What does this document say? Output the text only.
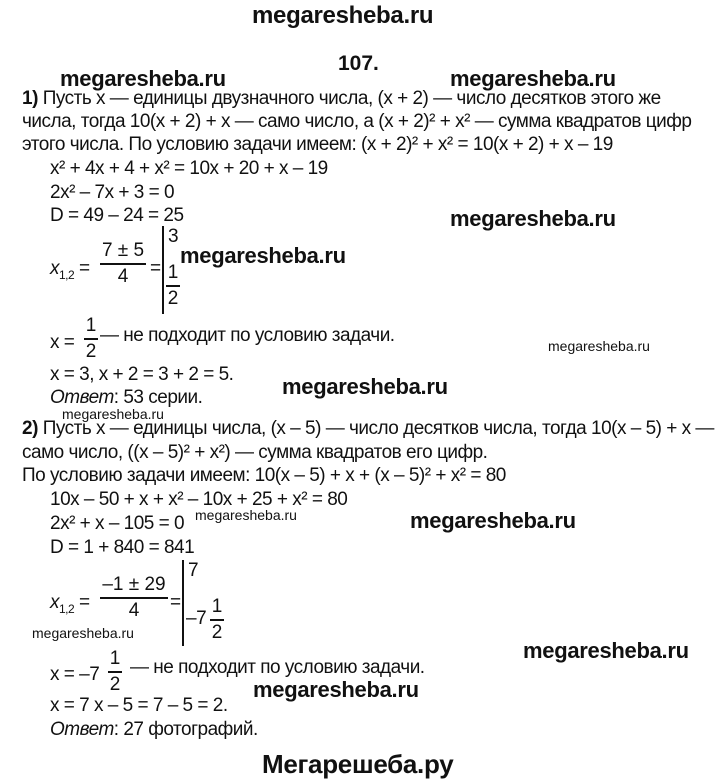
megaresheba.ru
107.
megaresheba.ru	megaresheba.ru
megaresheba.ru
megaresheba.ru
megaresheba.ru
megaresheba.ru
megaresheba.ru
megaresheba.ru	megaresheba.ru
megaresheba.ru
megaresheba.ru
megaresheba.ru
1) Пусть x — единицы двузначного числа, (x + 2) — число десятков этого же
числа, тогда 10(x + 2) + x — само число, а (x + 2)² + x² — сумма квадратов цифр
этого числа. По условию задачи имеем: (x + 2)² + x² = 10(x + 2) + x – 19
x² + 4x + 4 + x² = 10x + 20 + x – 19
2x² – 7x + 3 = 0
D = 49 – 24 = 25
$x_{1,2}$ =
7 ± 5
4	=
3
1
2
x =
1
2
— не подходит по условию задачи.
x = 3, x + 2 = 3 + 2 = 5.
Ответ: 53 серии.
2) Пусть x — единицы числа, (x – 5) — число десятков числа, тогда 10(x – 5) + x —
само число, ((x – 5)² + x²) — сумма квадратов его цифр.
По условию задачи имеем: 10(x – 5) + x + (x – 5)² + x² = 80
10x – 50 + x + x² – 10x + 25 + x² = 80
2x² + x – 105 = 0
D = 1 + 840 = 841
$x_{1,2}$ =
–1 ± 29
4	=
7
–7
1
2
x = –7
1
2
— не подходит по условию задачи.
x = 7 x – 5 = 7 – 5 = 2.
Ответ: 27 фотографий.
Мегарешеба.ру
